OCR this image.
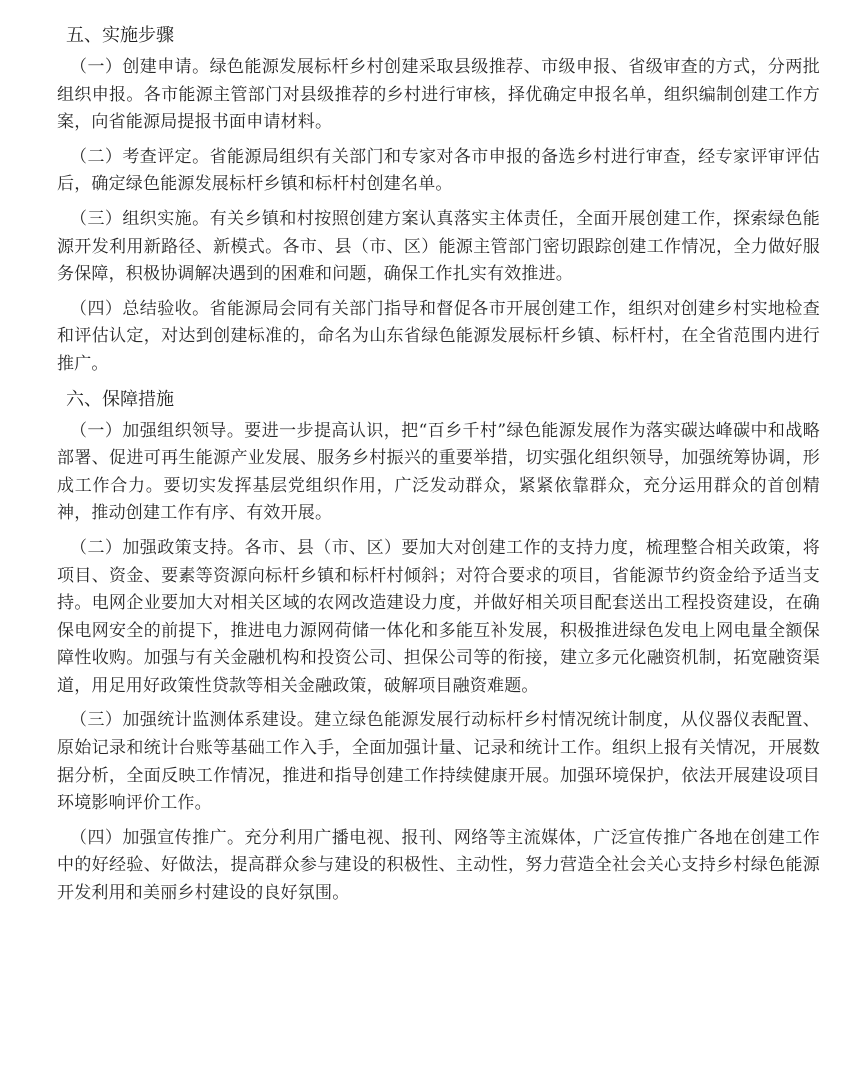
五、实施步骤

（一）创建申请。绿色能源发展标杆乡村创建采取县级推荐、市级申报、省级审查的方式，分两批组织申报。各市能源主管部门对县级推荐的乡村进行审核，择优确定申报名单，组织编制创建工作方案，向省能源局提报书面申请材料。

（二）考查评定。省能源局组织有关部门和专家对各市申报的备选乡村进行审查，经专家评审评估后，确定绿色能源发展标杆乡镇和标杆村创建名单。

（三）组织实施。有关乡镇和村按照创建方案认真落实主体责任，全面开展创建工作，探索绿色能源开发利用新路径、新模式。各市、县（市、区）能源主管部门密切跟踪创建工作情况，全力做好服务保障，积极协调解决遇到的困难和问题，确保工作扎实有效推进。

（四）总结验收。省能源局会同有关部门指导和督促各市开展创建工作，组织对创建乡村实地检查和评估认定，对达到创建标准的，命名为山东省绿色能源发展标杆乡镇、标杆村，在全省范围内进行推广。

六、保障措施

（一）加强组织领导。要进一步提高认识，把“百乡千村”绿色能源发展作为落实碳达峰碳中和战略部署、促进可再生能源产业发展、服务乡村振兴的重要举措，切实强化组织领导，加强统筹协调，形成工作合力。要切实发挥基层党组织作用，广泛发动群众，紧紧依靠群众，充分运用群众的首创精神，推动创建工作有序、有效开展。

（二）加强政策支持。各市、县（市、区）要加大对创建工作的支持力度，梳理整合相关政策，将项目、资金、要素等资源向标杆乡镇和标杆村倾斜；对符合要求的项目，省能源节约资金给予适当支持。电网企业要加大对相关区域的农网改造建设力度，并做好相关项目配套送出工程投资建设，在确保电网安全的前提下，推进电力源网荷储一体化和多能互补发展，积极推进绿色发电上网电量全额保障性收购。加强与有关金融机构和投资公司、担保公司等的衔接，建立多元化融资机制，拓宽融资渠道，用足用好政策性贷款等相关金融政策，破解项目融资难题。

（三）加强统计监测体系建设。建立绿色能源发展行动标杆乡村情况统计制度，从仪器仪表配置、原始记录和统计台账等基础工作入手，全面加强计量、记录和统计工作。组织上报有关情况，开展数据分析，全面反映工作情况，推进和指导创建工作持续健康开展。加强环境保护，依法开展建设项目环境影响评价工作。

（四）加强宣传推广。充分利用广播电视、报刊、网络等主流媒体，广泛宣传推广各地在创建工作中的好经验、好做法，提高群众参与建设的积极性、主动性，努力营造全社会关心支持乡村绿色能源开发利用和美丽乡村建设的良好氛围。
